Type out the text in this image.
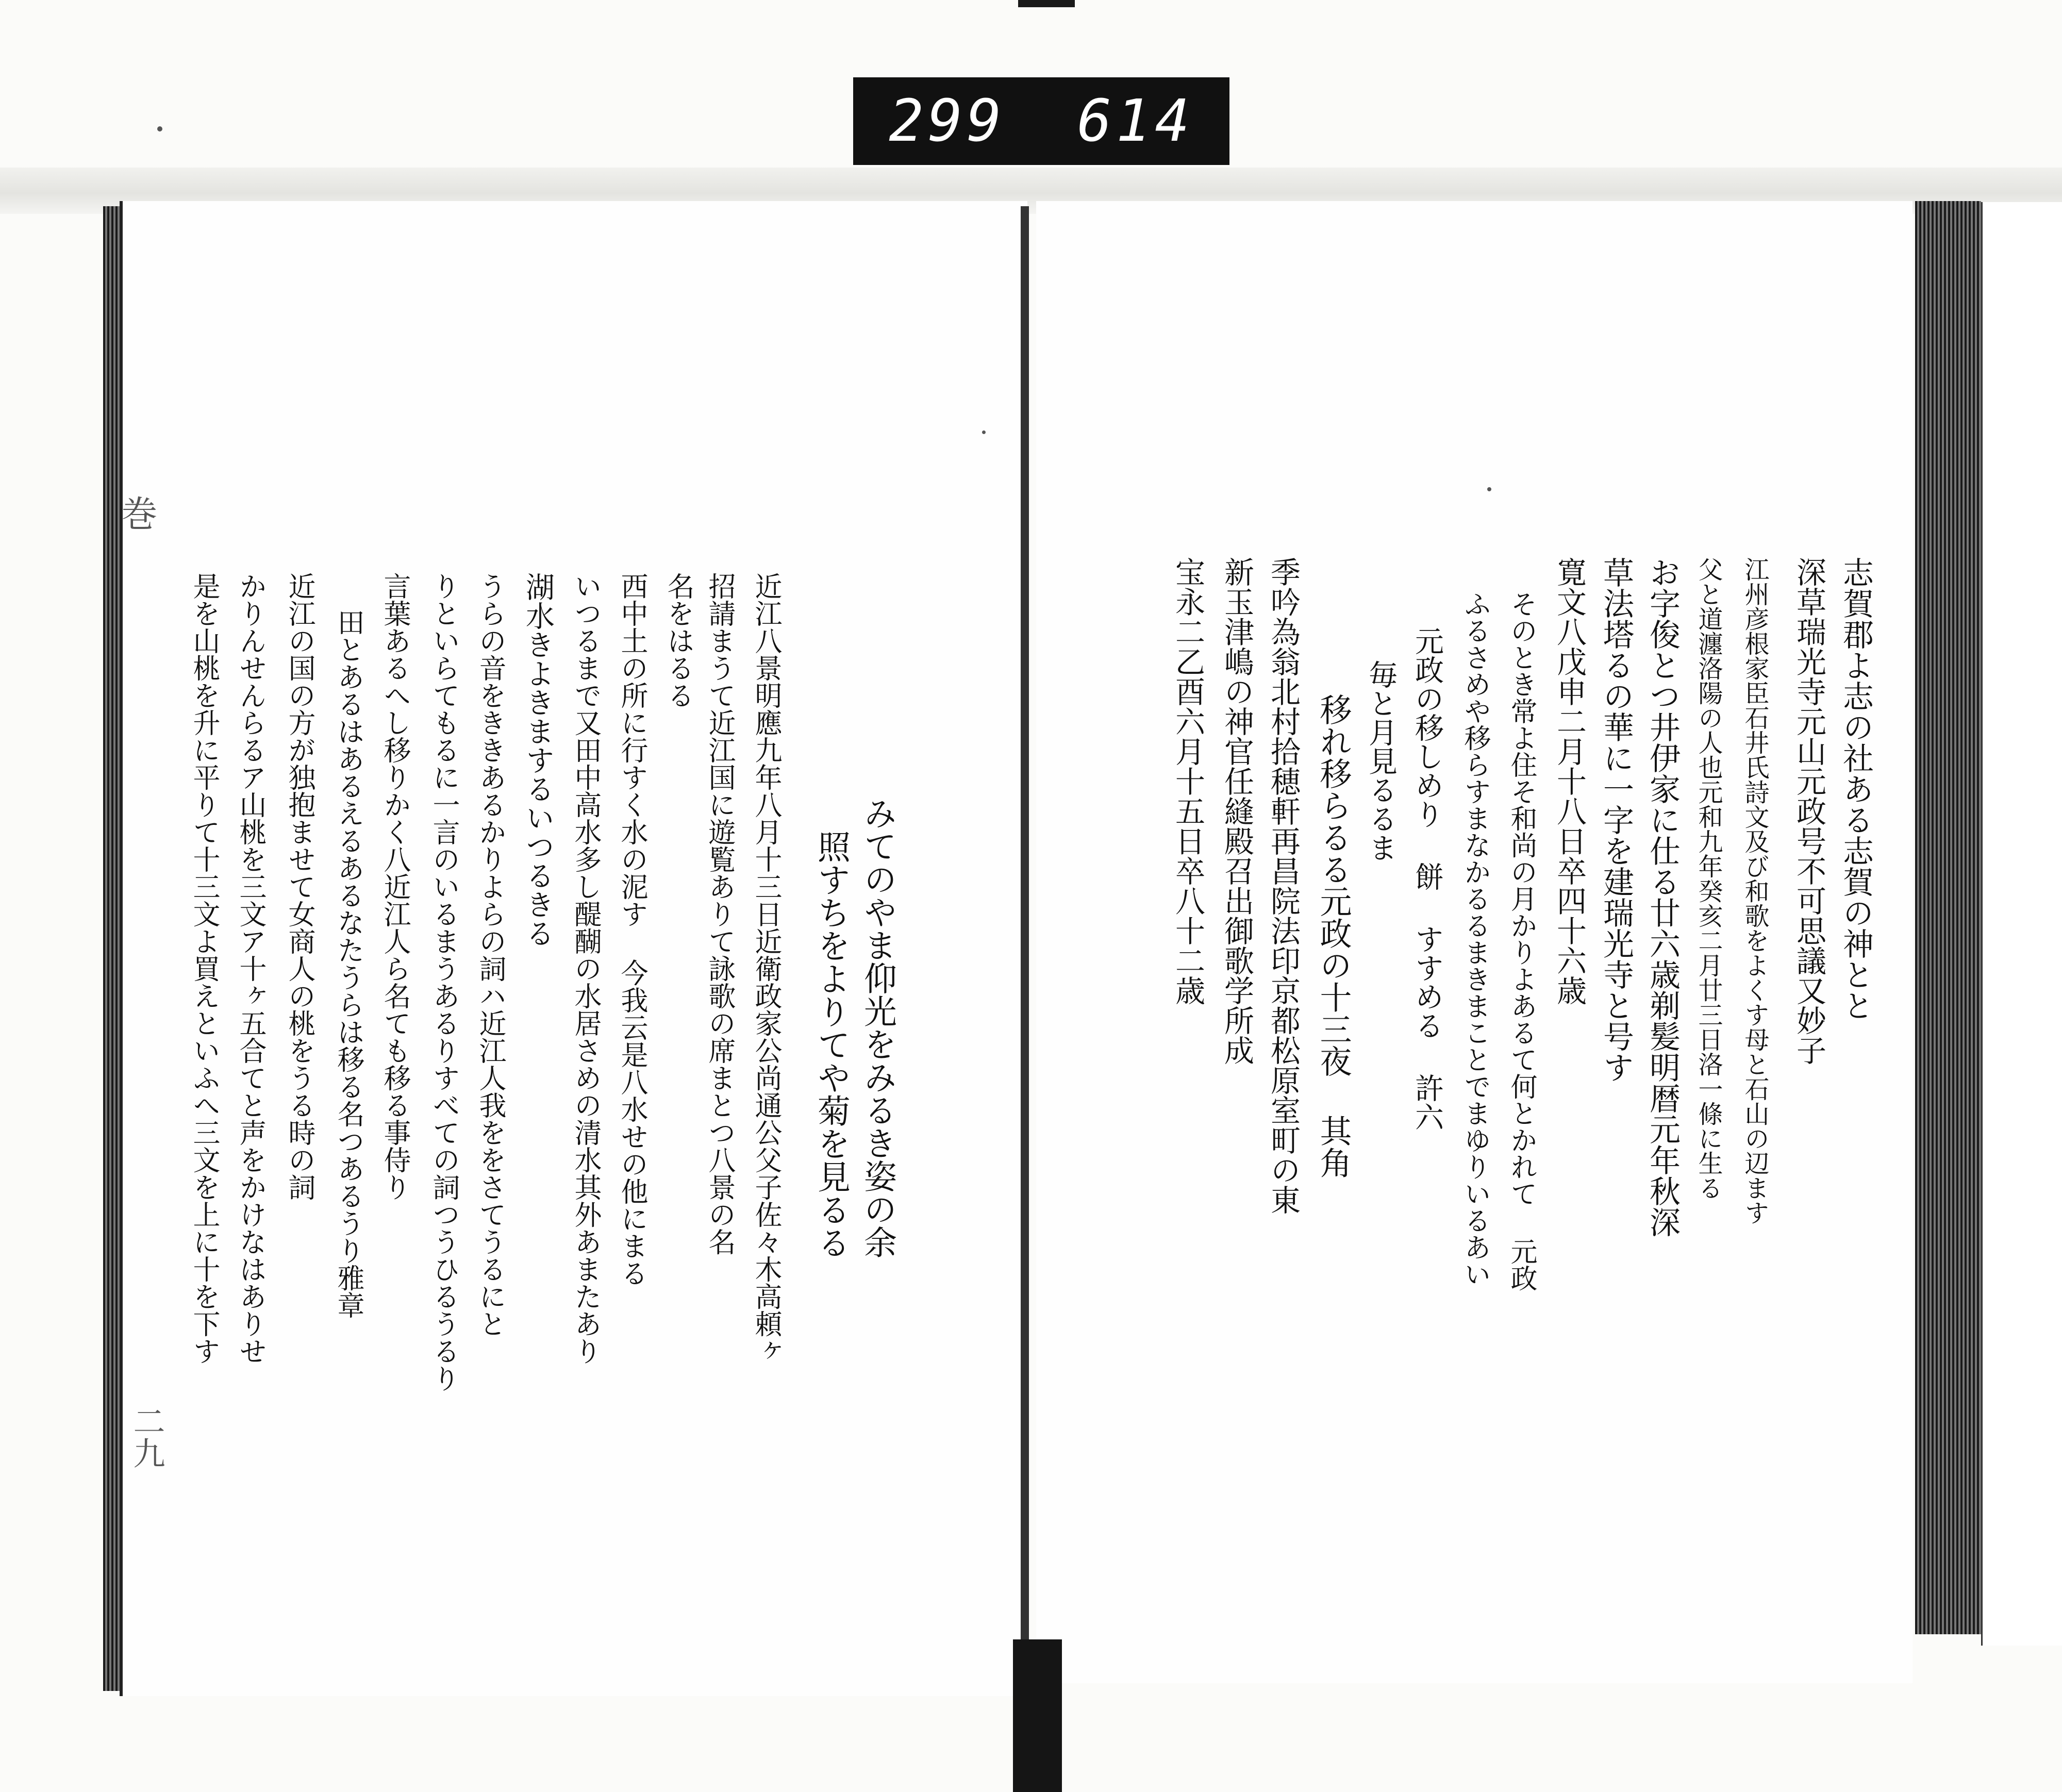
299 614
巻
二九
みてのやま仰光をみるき姿の余
照すちをよりてや菊を見るる
近江八景明應九年八月十三日近衛政家公尚通公父子佐々木高頼ヶ
招請まうて近江国に遊覧ありて詠歌の席まとつ八景の名
名をはるる
西中土の所に行すく水の泥す 今我云是八水せの他にまる
いつるまで又田中高水多し醍醐の水居さめの清水其外あまたあり
湖水きよきまするいつるきる
うらの音をききあるかりよらの詞ハ近江人我ををさてうるにと
りといらてもるに一言のいるまうあるりすべての詞つうひるうるり
言葉あるへし移りかく八近江人ら名ても移る事侍り
田とあるはあるえるあるなたうらは移る名つあるうり雅章
近江の国の方が独抱ませて女商人の桃をうる時の詞
かりんせんらるア山桃を三文ア十ヶ五合てと声をかけなはありせ
是を山桃を升に平りて十三文よ買えといふへ三文を上に十を下す	志賀郡よ志の社ある志賀の神とと
深草瑞光寺元山元政号不可思議又妙子
江州彦根家臣石井氏詩文及び和歌をよくす母と石山の辺ます
父と道瀍洛陽の人也元和九年癸亥二月廿三日洛一條に生る
お字俊とつ井伊家に仕る廿六歳剃髪明暦元年秋深
草法塔るの華に一字を建瑞光寺と号す
寛文八戊申二月十八日卒四十六歳
そのとき常よ住そ和尚の月かりよあるて何とかれて 元政
ふるさめや移らすまなかるるまきまことでまゆりいるあい
元政の移しめり 餅 すすめる 許六
毎と月見るるま
移れ移らるる元政の十三夜 其角
季吟為翁北村拾穂軒再昌院法印京都松原室町の東
新玉津嶋の神官任縫殿召出御歌学所成
宝永二乙酉六月十五日卒八十二歳
